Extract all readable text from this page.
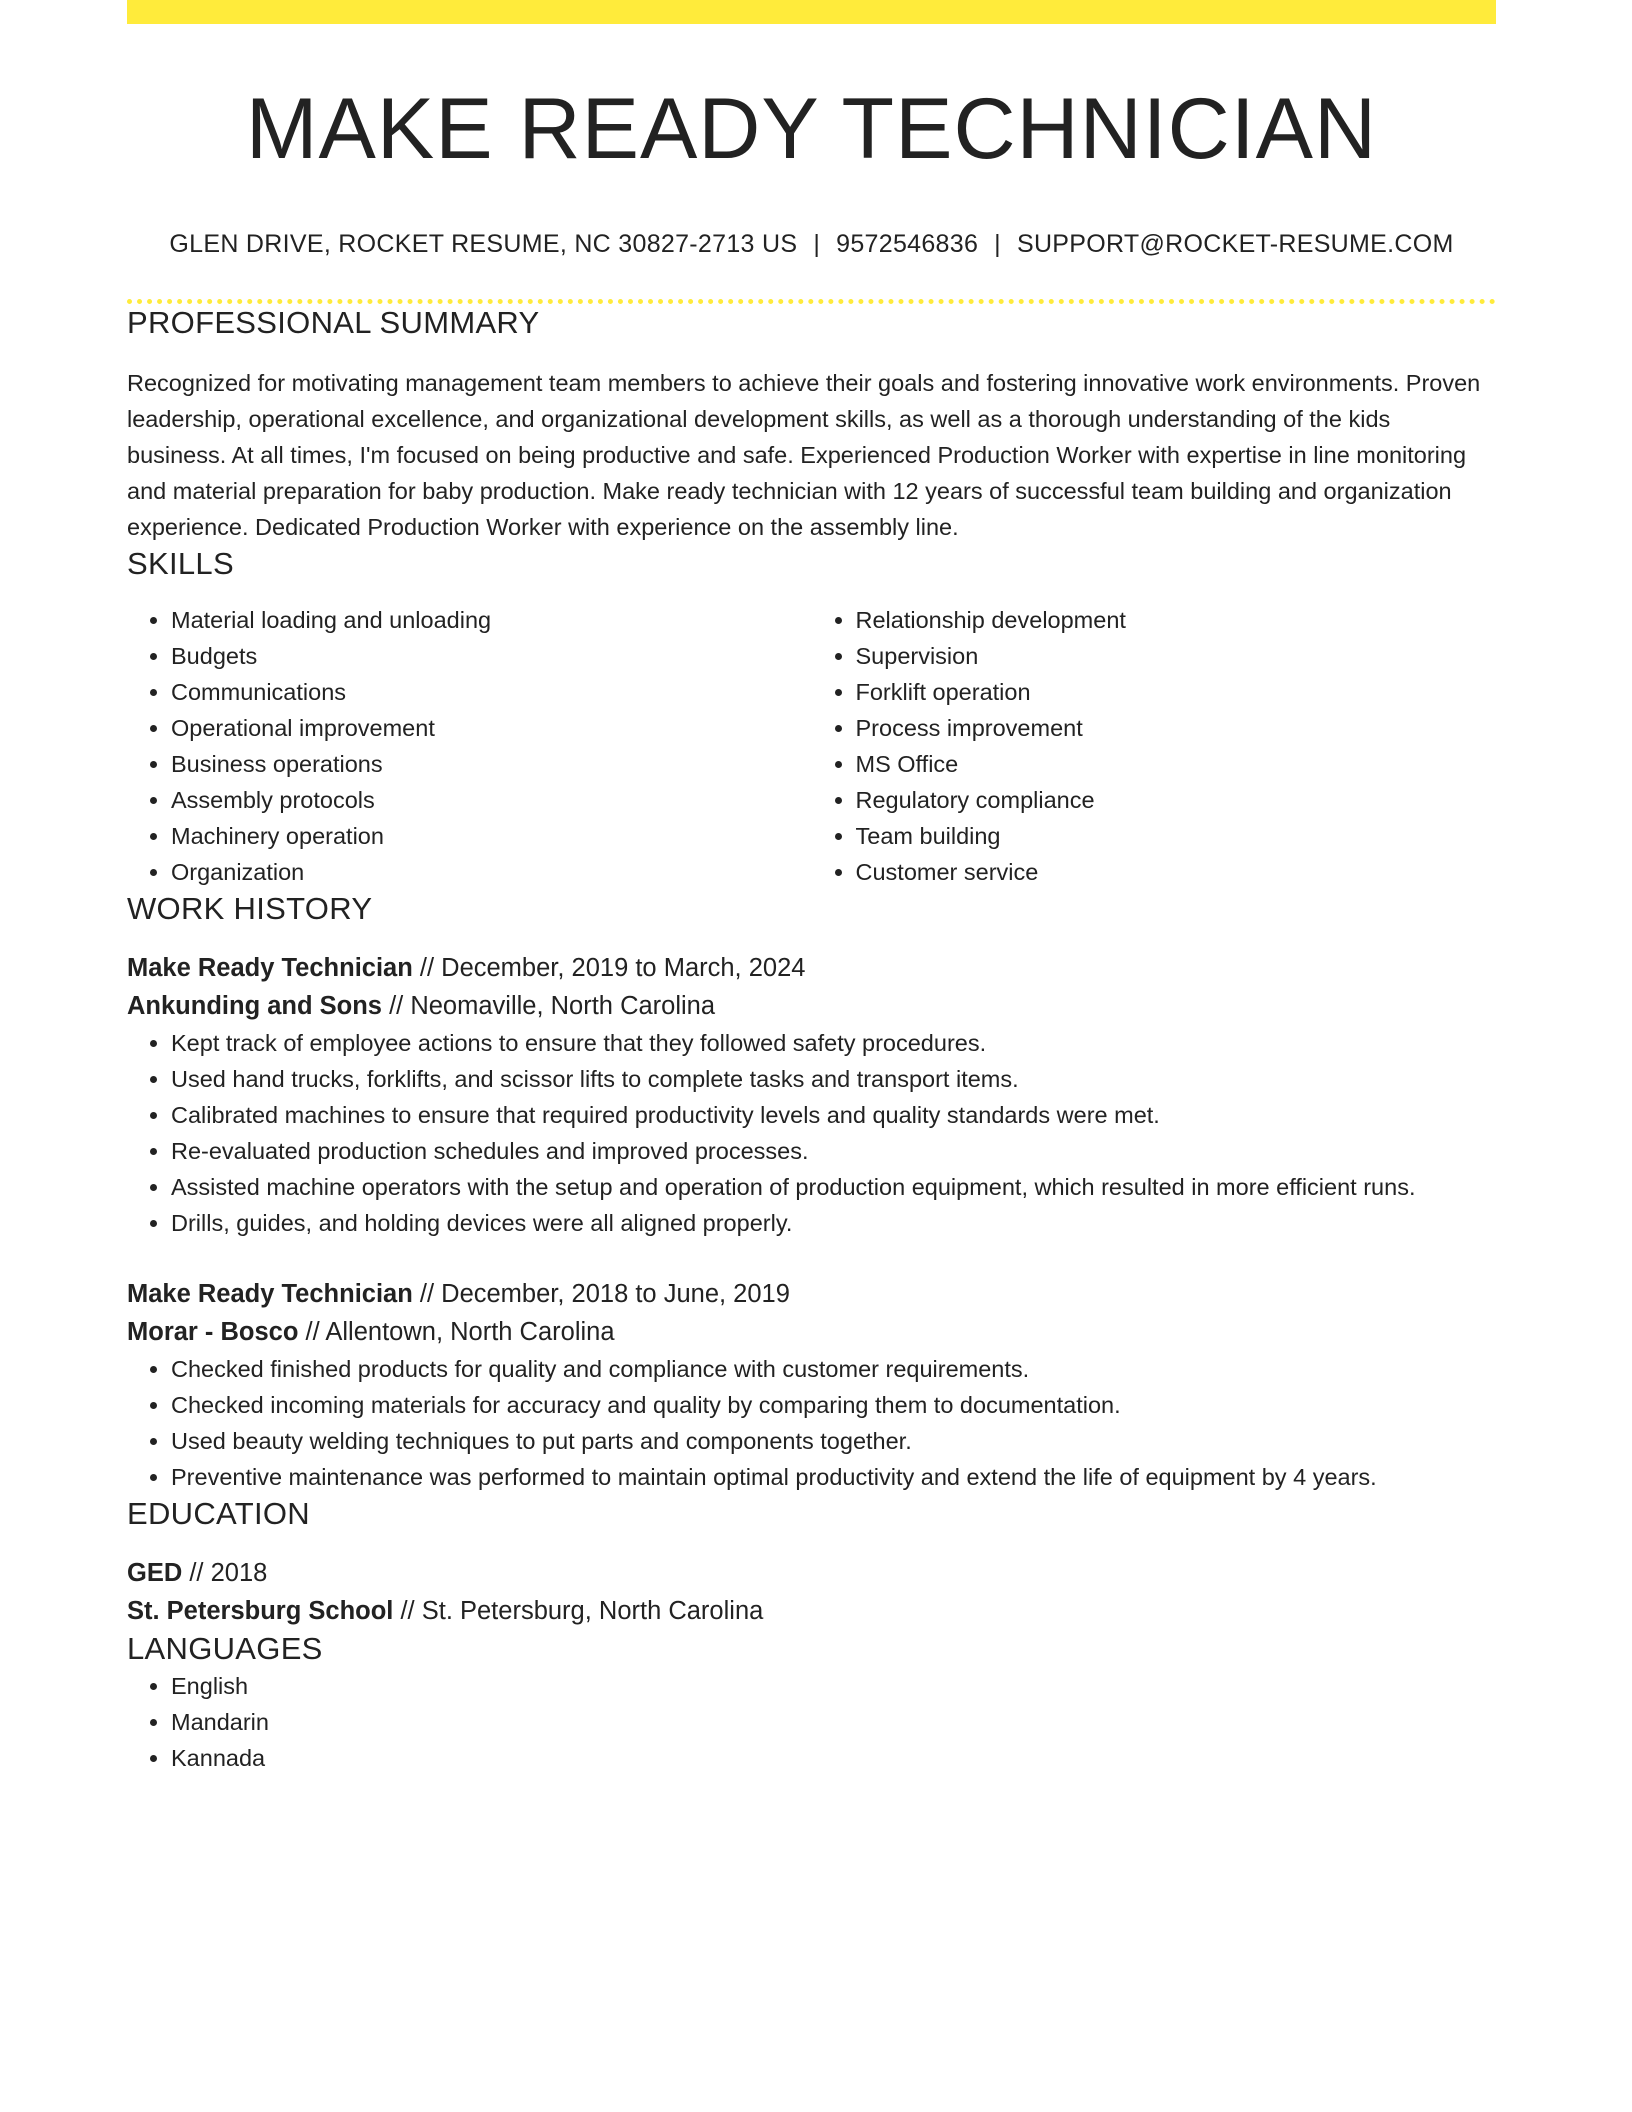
MAKE READY TECHNICIAN
GLEN DRIVE, ROCKET RESUME, NC 30827-2713 US | 9572546836 | SUPPORT@ROCKET-RESUME.COM
PROFESSIONAL SUMMARY
Recognized for motivating management team members to achieve their goals and fostering innovative work environments. Proven leadership, operational excellence, and organizational development skills, as well as a thorough understanding of the kids business. At all times, I'm focused on being productive and safe. Experienced Production Worker with expertise in line monitoring and material preparation for baby production. Make ready technician with 12 years of successful team building and organization experience. Dedicated Production Worker with experience on the assembly line.
SKILLS
• Material loading and unloading
• Budgets
• Communications
• Operational improvement
• Business operations
• Assembly protocols
• Machinery operation
• Organization
• Relationship development
• Supervision
• Forklift operation
• Process improvement
• MS Office
• Regulatory compliance
• Team building
• Customer service
WORK HISTORY
Make Ready Technician // December, 2019 to March, 2024
Ankunding and Sons // Neomaville, North Carolina
• Kept track of employee actions to ensure that they followed safety procedures.
• Used hand trucks, forklifts, and scissor lifts to complete tasks and transport items.
• Calibrated machines to ensure that required productivity levels and quality standards were met.
• Re-evaluated production schedules and improved processes.
• Assisted machine operators with the setup and operation of production equipment, which resulted in more efficient runs.
• Drills, guides, and holding devices were all aligned properly.
Make Ready Technician // December, 2018 to June, 2019
Morar - Bosco // Allentown, North Carolina
• Checked finished products for quality and compliance with customer requirements.
• Checked incoming materials for accuracy and quality by comparing them to documentation.
• Used beauty welding techniques to put parts and components together.
• Preventive maintenance was performed to maintain optimal productivity and extend the life of equipment by 4 years.
EDUCATION
GED // 2018
St. Petersburg School // St. Petersburg, North Carolina
LANGUAGES
• English
• Mandarin
• Kannada
